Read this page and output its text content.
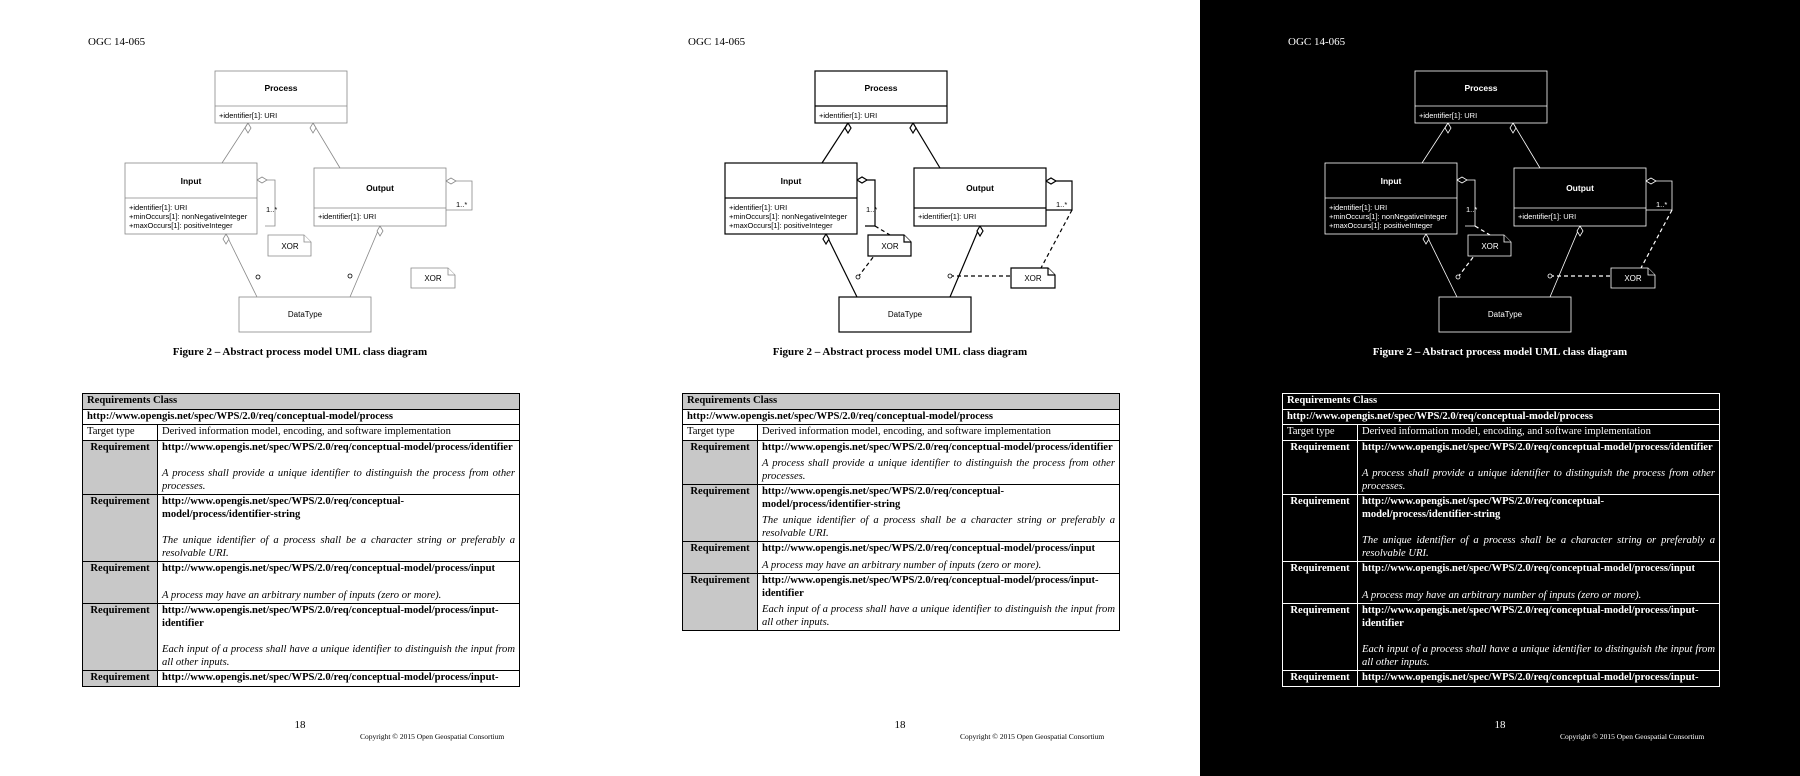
OGC 14-065
Process
+identifier[1]: URI
Input
+identifier[1]: URI
+minOccurs[1]: nonNegativeInteger
+maxOccurs[1]: positiveInteger
Output
+identifier[1]: URI
DataType
1..*
1..*
XOR
XOR
Figure 2 – Abstract process model UML class diagram
Requirements Class	
http://www.opengis.net/spec/WPS/2.0/req/conceptual-model/process	
Target type	Derived information model, encoding, and software implementation
Requirement	http://www.opengis.net/spec/WPS/2.0/req/conceptual-model/process/identifier
A process shall provide a unique identifier to distinguish the process from other processes.

Requirement	http://www.opengis.net/spec/WPS/2.0/req/conceptual-model/process/identifier-string
The unique identifier of a process shall be a character string or preferably a resolvable URI.

Requirement	http://www.opengis.net/spec/WPS/2.0/req/conceptual-model/process/input
A process may have an arbitrary number of inputs (zero or more).

Requirement	http://www.opengis.net/spec/WPS/2.0/req/conceptual-model/process/input-identifier
Each input of a process shall have a unique identifier to distinguish the input from all other inputs.

Requirement	http://www.opengis.net/spec/WPS/2.0/req/conceptual-model/process/input-
18
Copyright © 2015 Open Geospatial Consortium
OGC 14-065
Process
+identifier[1]: URI
Input
+identifier[1]: URI
+minOccurs[1]: nonNegativeInteger
+maxOccurs[1]: positiveInteger
Output
+identifier[1]: URI
DataType
1..*
1..*
XOR
XOR
Figure 2 – Abstract process model UML class diagram
Requirements Class	
http://www.opengis.net/spec/WPS/2.0/req/conceptual-model/process	
Target type	Derived information model, encoding, and software implementation
Requirement	http://www.opengis.net/spec/WPS/2.0/req/conceptual-model/process/identifier
A process shall provide a unique identifier to distinguish the process from other processes.

Requirement	http://www.opengis.net/spec/WPS/2.0/req/conceptual-model/process/identifier-string
The unique identifier of a process shall be a character string or preferably a resolvable URI.

Requirement	http://www.opengis.net/spec/WPS/2.0/req/conceptual-model/process/input
A process may have an arbitrary number of inputs (zero or more).

Requirement	http://www.opengis.net/spec/WPS/2.0/req/conceptual-model/process/input-identifier
Each input of a process shall have a unique identifier to distinguish the input from all other inputs.
18
Copyright © 2015 Open Geospatial Consortium
OGC 14-065
Process
+identifier[1]: URI
Input
+identifier[1]: URI
+minOccurs[1]: nonNegativeInteger
+maxOccurs[1]: positiveInteger
Output
+identifier[1]: URI
DataType
1..*
1..*
XOR
XOR
Figure 2 – Abstract process model UML class diagram
Requirements Class	
http://www.opengis.net/spec/WPS/2.0/req/conceptual-model/process	
Target type	Derived information model, encoding, and software implementation
Requirement	http://www.opengis.net/spec/WPS/2.0/req/conceptual-model/process/identifier
A process shall provide a unique identifier to distinguish the process from other processes.

Requirement	http://www.opengis.net/spec/WPS/2.0/req/conceptual-model/process/identifier-string
The unique identifier of a process shall be a character string or preferably a resolvable URI.

Requirement	http://www.opengis.net/spec/WPS/2.0/req/conceptual-model/process/input
A process may have an arbitrary number of inputs (zero or more).

Requirement	http://www.opengis.net/spec/WPS/2.0/req/conceptual-model/process/input-identifier
Each input of a process shall have a unique identifier to distinguish the input from all other inputs.

Requirement	http://www.opengis.net/spec/WPS/2.0/req/conceptual-model/process/input-
18
Copyright © 2015 Open Geospatial Consortium
